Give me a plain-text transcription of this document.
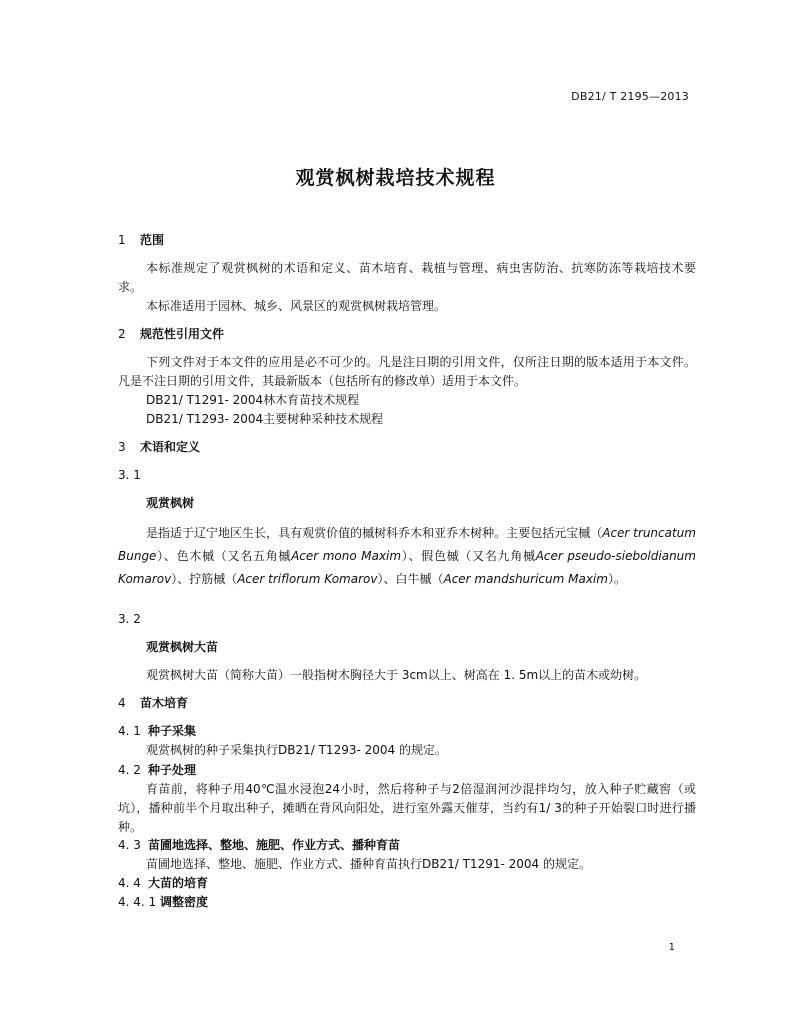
DB21/ T 2195—2013
观赏枫树栽培技术规程
1 范围
本标准规定了观赏枫树的术语和定义、苗木培育、栽植与管理、病虫害防治、抗寒防冻等栽培技术要求。
本标准适用于园林、城乡、风景区的观赏枫树栽培管理。
2 规范性引用文件
下列文件对于本文件的应用是必不可少的。凡是注日期的引用文件，仅所注日期的版本适用于本文件。凡是不注日期的引用文件，其最新版本（包括所有的修改单）适用于本文件。
DB21/ T1291- 2004林木育苗技术规程
DB21/ T1293- 2004主要树种采种技术规程
3 术语和定义
3. 1
观赏枫树
是指适于辽宁地区生长，具有观赏价值的槭树科乔木和亚乔木树种。主要包括元宝槭（Acer truncatum Bunge）、色木槭（又名五角槭Acer mono Maxim）、假色槭（又名九角槭Acer pseudo-sieboldianum Komarov）、拧筋槭（Acer triflorum Komarov）、白牛槭（Acer mandshuricum Maxim）。
3. 2
观赏枫树大苗
观赏枫树大苗（简称大苗）一般指树木胸径大于 3cm以上、树高在 1. 5m以上的苗木或幼树。
4 苗木培育
4. 1 种子采集
观赏枫树的种子采集执行DB21/ T1293- 2004 的规定。
4. 2 种子处理
育苗前，将种子用40℃温水浸泡24小时，然后将种子与2倍湿润河沙混拌均匀，放入种子贮藏窖（或坑），播种前半个月取出种子，摊晒在背风向阳处，进行室外露天催芽，当约有1/ 3的种子开始裂口时进行播种。
4. 3 苗圃地选择、整地、施肥、作业方式、播种育苗
苗圃地选择、整地、施肥、作业方式、播种育苗执行DB21/ T1291- 2004 的规定。
4. 4 大苗的培育
4. 4. 1 调整密度
1
